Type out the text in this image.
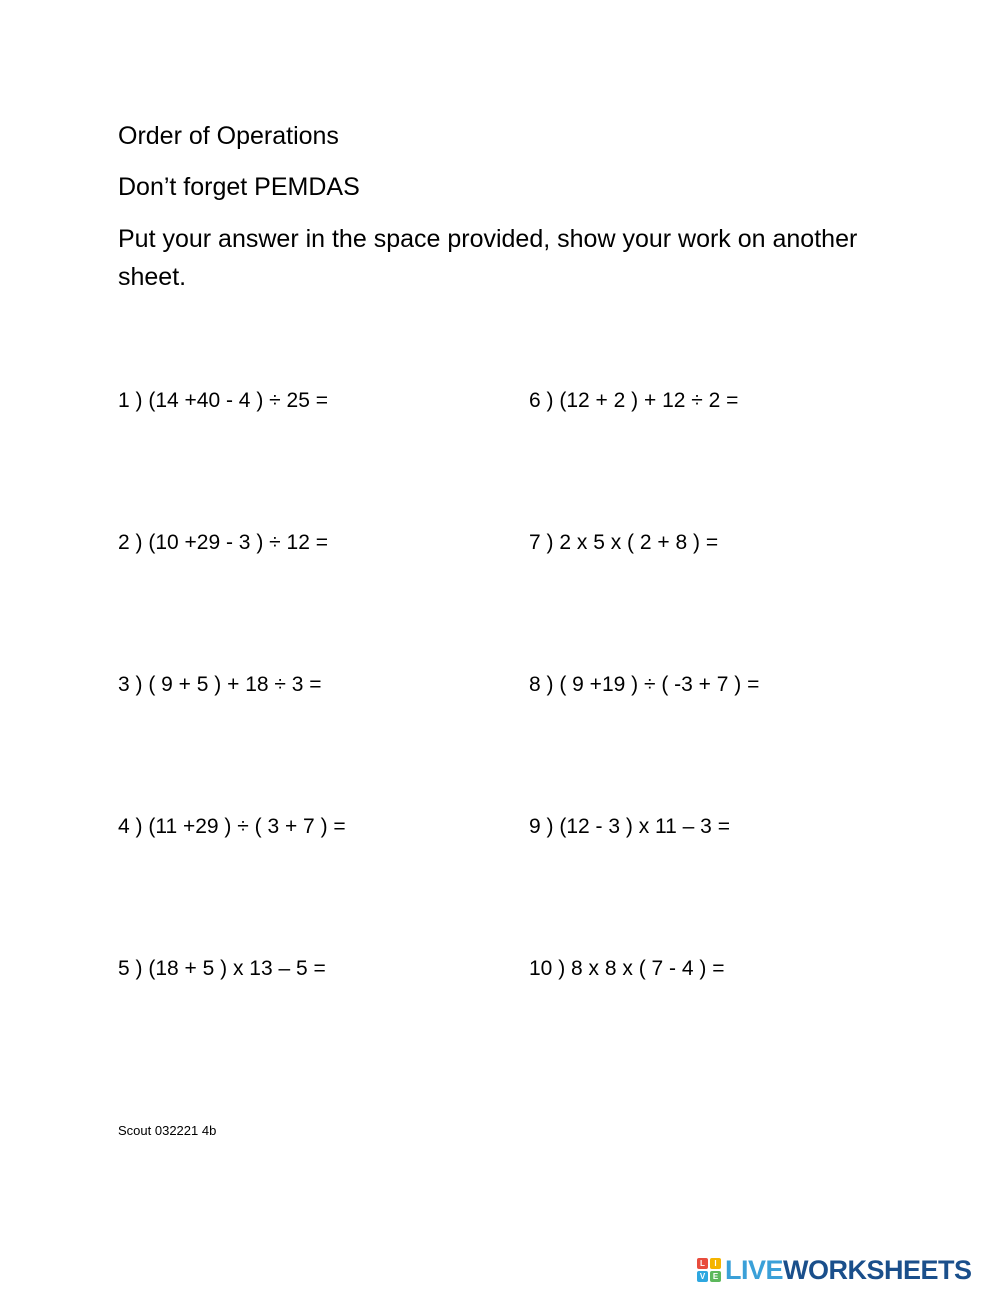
Order of Operations

Don’t forget PEMDAS

Put your answer in the space provided, show your work on another sheet.

1 ) (14 +40 - 4 ) ÷ 25 =

2 ) (10 +29 - 3 ) ÷ 12 =

3 ) ( 9 + 5 ) + 18 ÷ 3 =

4 ) (11 +29 ) ÷ ( 3 + 7 ) =

5 ) (18 + 5 ) x 13 – 5 =

6 ) (12 + 2 ) + 12 ÷ 2 =

7 ) 2 x 5 x ( 2 + 8 ) =

8 ) ( 9 +19 ) ÷ ( -3 + 7 ) =

9 ) (12 - 3 ) x 11 – 3 =

10 ) 8 x 8 x ( 7 - 4 ) =

Scout 032221 4b

L	I
V E LIVEWORKSHEETS
